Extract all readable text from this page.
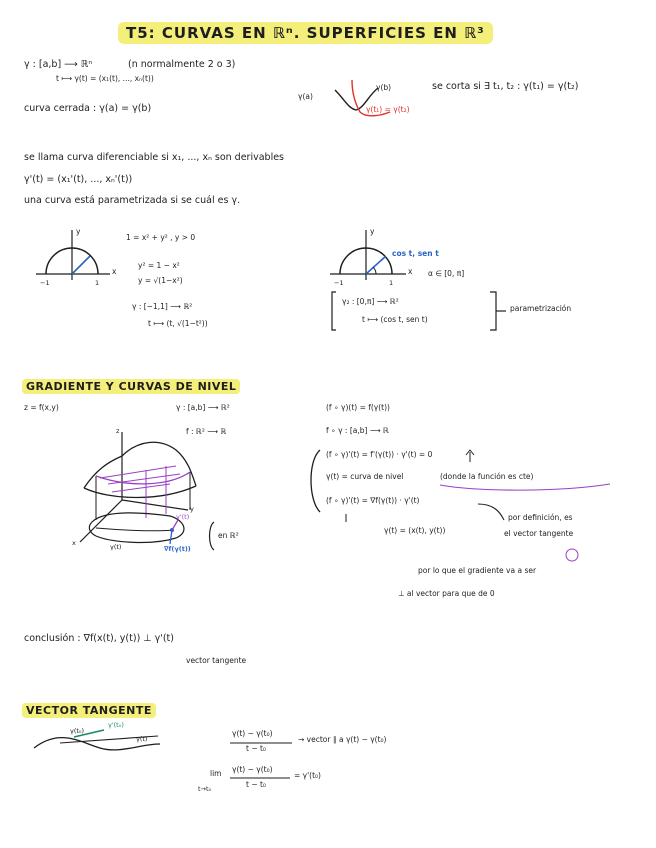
T5: CURVAS EN ℝⁿ. SUPERFICIES EN ℝ³
γ : [a,b] ⟶ ℝⁿ	(n normalmente 2 o 3)
t ⟼ γ(t) = (x₁(t), ..., xₙ(t))
curva cerrada : γ(a) = γ(b)
γ(a)
γ(b)
γ(t₁) = γ(t₂)
se corta si ∃ t₁, t₂ : γ(t₁) = γ(t₂)
se llama curva diferenciable si x₁, ..., xₙ son derivables
γ'(t) = (x₁'(t), ..., xₙ'(t))
una curva está parametrizada si se cuál es γ.
y
x
−1	1
1 = x² + y² , y > 0
y² = 1 − x²
y = √(1−x²)
γ : [−1,1] ⟶ ℝ²
t ⟼ (t, √(1−t²))
y
x
−1	1
cos t, sen t
α ∈ [0, π]
γ₂ : [0,π] ⟶ ℝ²
t ⟼ (cos t, sen t)
parametrización
GRADIENTE Y CURVAS DE NIVEL
z = f(x,y)	γ : [a,b] ⟶ ℝ²
f : ℝ² ⟶ ℝ
z
y
x
γ'(t)
γ(t)	∇f(γ(t))
en ℝ²
(f ∘ γ)(t) = f(γ(t))
f ∘ γ : [a,b] ⟶ ℝ
(f ∘ γ)'(t) = f'(γ(t)) · γ'(t) = 0
γ(t) = curva de nivel	(donde la función es cte)
(f ∘ γ)'(t) = ∇f(γ(t)) · γ'(t)
γ(t) = (x(t), y(t))
por definición, es
el vector tangente
por lo que el gradiente va a ser
⊥ al vector para que de 0
conclusión : ∇f(x(t), y(t)) ⊥ γ'(t)
vector tangente
VECTOR TANGENTE
γ(t₀)
γ'(t₀)
γ(t)
γ(t) − γ(t₀)
t − t₀
→ vector ∥ a γ(t) − γ(t₀)
lim
t→t₀
γ(t) − γ(t₀)
t − t₀
= γ'(t₀)
